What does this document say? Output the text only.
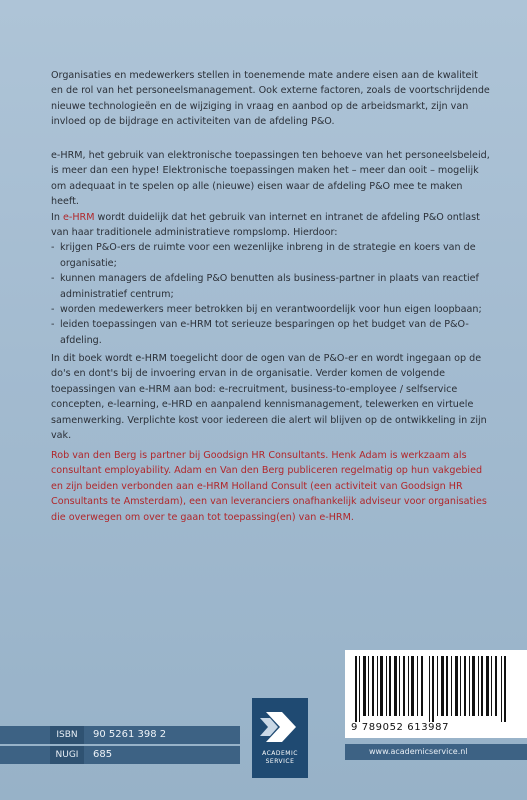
Organisaties en medewerkers stellen in toenemende mate andere eisen aan de kwaliteit en de rol van het personeelsmanagement. Ook externe factoren, zoals de voortschrijdende nieuwe technologieën en de wijziging in vraag en aanbod op de arbeidsmarkt, zijn van invloed op de bijdrage en activiteiten van de afdeling P&O.

e-HRM, het gebruik van elektronische toepassingen ten behoeve van het personeelsbeleid, is meer dan een hype! Elektronische toepassingen maken het – meer dan ooit – mogelijk om adequaat in te spelen op alle (nieuwe) eisen waar de afdeling P&O mee te maken heeft.

In e-HRM wordt duidelijk dat het gebruik van internet en intranet de afdeling P&O ontlast van haar traditionele administratieve rompslomp. Hierdoor:

- krijgen P&O-ers de ruimte voor een wezenlijke inbreng in de strategie en koers van de organisatie;
- kunnen managers de afdeling P&O benutten als business-partner in plaats van reactief administratief centrum;
- worden medewerkers meer betrokken bij en verantwoordelijk voor hun eigen loopbaan;
- leiden toepassingen van e-HRM tot serieuze besparingen op het budget van de P&O-afdeling.

In dit boek wordt e-HRM toegelicht door de ogen van de P&O-er en wordt ingegaan op de do's en dont's bij de invoering ervan in de organisatie. Verder komen de volgende toepassingen van e-HRM aan bod: e-recruitment, business-to-employee / selfservice concepten, e-learning, e-HRD en aanpalend kennismanagement, telewerken en virtuele samenwerking. Verplichte kost voor iedereen die alert wil blijven op de ontwikkeling in zijn vak.

Rob van den Berg is partner bij Goodsign HR Consultants. Henk Adam is werkzaam als consultant employability. Adam en Van den Berg publiceren regelmatig op hun vakgebied en zijn beiden verbonden aan e-HRM Holland Consult (een activiteit van Goodsign HR Consultants te Amsterdam), een van leveranciers onafhankelijk adviseur voor organisaties die overwegen om over te gaan tot toepassing(en) van e-HRM.

ISBN	90 5261 398 2
NUGI	685	ACADEMIC
SERVICE
9 789052 613987
www.academicservice.nl
